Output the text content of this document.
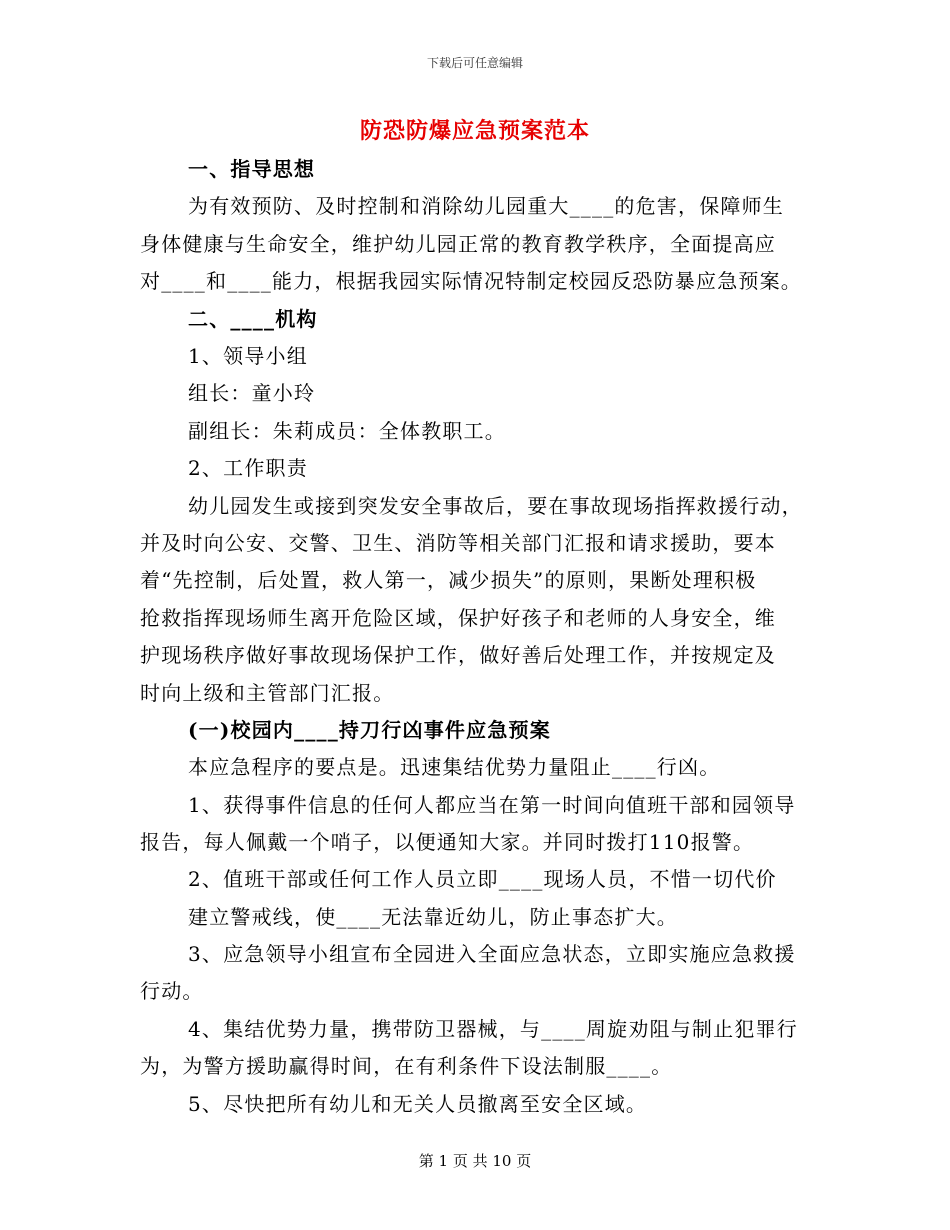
下载后可任意编辑
防恐防爆应急预案范本
一、指导思想
为有效预防、及时控制和消除幼儿园重大____的危害，保障师生
身体健康与生命安全，维护幼儿园正常的教育教学秩序，全面提高应
对____和____能力，根据我园实际情况特制定校园反恐防暴应急预案。
二、____机构
1、领导小组
组长：童小玲
副组长：朱莉成员：全体教职工。
2、工作职责
幼儿园发生或接到突发安全事故后，要在事故现场指挥救援行动，
并及时向公安、交警、卫生、消防等相关部门汇报和请求援助，要本
着“先控制，后处置，救人第一，减少损失”的原则，果断处理积极
抢救指挥现场师生离开危险区域，保护好孩子和老师的人身安全，维
护现场秩序做好事故现场保护工作，做好善后处理工作，并按规定及
时向上级和主管部门汇报。
(一)校园内____持刀行凶事件应急预案
本应急程序的要点是。迅速集结优势力量阻止____行凶。
1、获得事件信息的任何人都应当在第一时间向值班干部和园领导
报告，每人佩戴一个哨子，以便通知大家。并同时拨打110报警。
2、值班干部或任何工作人员立即____现场人员，不惜一切代价
建立警戒线，使____无法靠近幼儿，防止事态扩大。
3、应急领导小组宣布全园进入全面应急状态，立即实施应急救援
行动。
4、集结优势力量，携带防卫器械，与____周旋劝阻与制止犯罪行
为，为警方援助赢得时间，在有利条件下设法制服____。
5、尽快把所有幼儿和无关人员撤离至安全区域。
第 1 页 共 10 页
